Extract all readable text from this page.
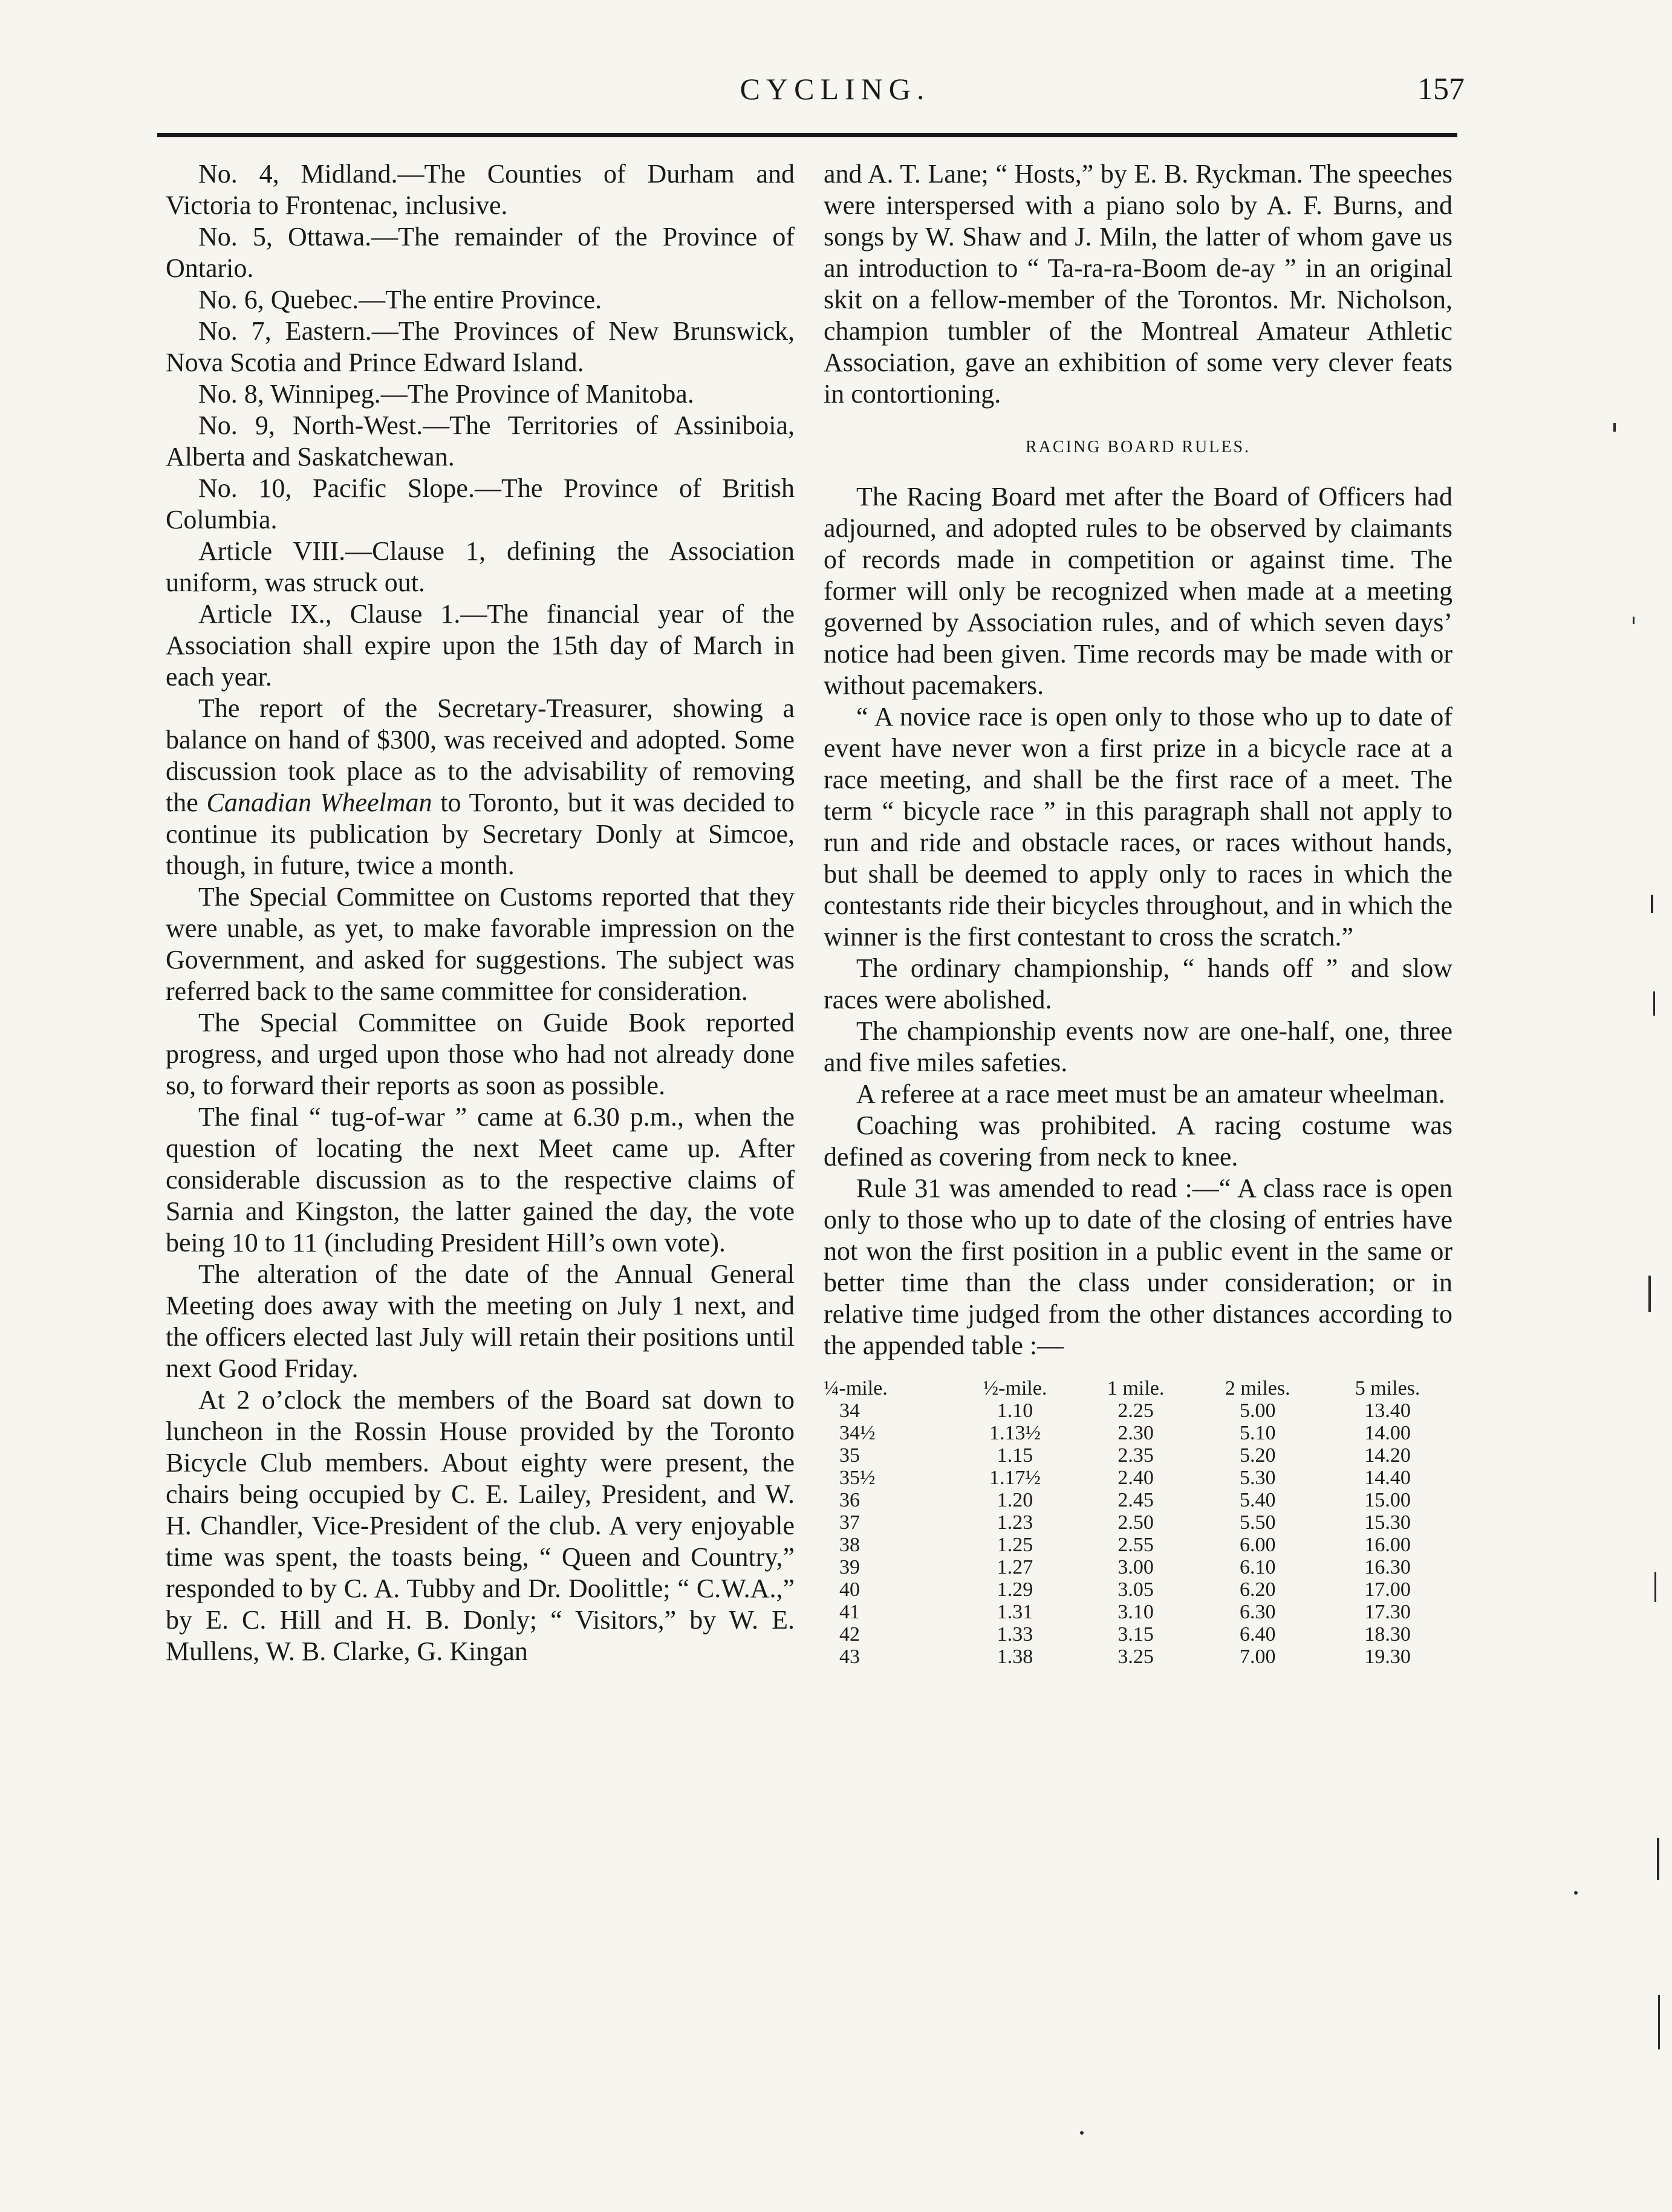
CYCLING.	157

No. 4, Midland.—The Counties of Durham and Victoria to Frontenac, inclusive.

No. 5, Ottawa.—The remainder of the Province of Ontario.

No. 6, Quebec.—The entire Province.

No. 7, Eastern.—The Provinces of New Brunswick, Nova Scotia and Prince Edward Island.

No. 8, Winnipeg.—The Province of Manitoba.

No. 9, North-West.—The Territories of Assiniboia, Alberta and Saskatchewan.

No. 10, Pacific Slope.—The Province of British Columbia.

Article VIII.—Clause 1, defining the Association uniform, was struck out.

Article IX., Clause 1.—The financial year of the Association shall expire upon the 15th day of March in each year.

The report of the Secretary-Treasurer, showing a balance on hand of $300, was received and adopted. Some discussion took place as to the advisability of removing the Canadian Wheelman to Toronto, but it was decided to continue its publication by Secretary Donly at Simcoe, though, in future, twice a month.

The Special Committee on Customs reported that they were unable, as yet, to make favorable impression on the Government, and asked for suggestions. The subject was referred back to the same committee for consideration.

The Special Committee on Guide Book reported progress, and urged upon those who had not already done so, to forward their reports as soon as possible.

The final “ tug-of-war ” came at 6.30 p.m., when the question of locating the next Meet came up. After considerable discussion as to the respective claims of Sarnia and Kingston, the latter gained the day, the vote being 10 to 11 (including President Hill’s own vote).

The alteration of the date of the Annual General Meeting does away with the meeting on July 1 next, and the officers elected last July will retain their positions until next Good Friday.

At 2 o’clock the members of the Board sat down to luncheon in the Rossin House provided by the Toronto Bicycle Club members. About eighty were present, the chairs being occupied by C. E. Lailey, President, and W. H. Chandler, Vice-President of the club. A very enjoyable time was spent, the toasts being, “ Queen and Country,” responded to by C. A. Tubby and Dr. Doolittle; “ C.W.A.,” by E. C. Hill and H. B. Donly; “ Visitors,” by W. E. Mullens, W. B. Clarke, G. Kingan

and A. T. Lane; “ Hosts,” by E. B. Ryckman. The speeches were interspersed with a piano solo by A. F. Burns, and songs by W. Shaw and J. Miln, the latter of whom gave us an introduction to “ Ta-ra-ra-Boom de-ay ” in an original skit on a fellow-member of the Torontos. Mr. Nicholson, champion tumbler of the Montreal Amateur Athletic Association, gave an exhibition of some very clever feats in contortioning.

RACING BOARD RULES.

The Racing Board met after the Board of Officers had adjourned, and adopted rules to be observed by claimants of records made in competition or against time. The former will only be recognized when made at a meeting governed by Association rules, and of which seven days’ notice had been given. Time records may be made with or without pacemakers.

“ A novice race is open only to those who up to date of event have never won a first prize in a bicycle race at a race meeting, and shall be the first race of a meet. The term “ bicycle race ” in this paragraph shall not apply to run and ride and obstacle races, or races without hands, but shall be deemed to apply only to races in which the contestants ride their bicycles throughout, and in which the winner is the first contestant to cross the scratch.”

The ordinary championship, “ hands off ” and slow races were abolished.

The championship events now are one-half, one, three and five miles safeties.

A referee at a race meet must be an amateur wheelman.

Coaching was prohibited. A racing costume was defined as covering from neck to knee.

Rule 31 was amended to read :—“ A class race is open only to those who up to date of the closing of entries have not won the first position in a public event in the same or better time than the class under consideration; or in relative time judged from the other distances according to the appended table :—

¼-mile.	½-mile.	1 mile.	2 miles.	5 miles.
34	1.10	2.25	5.00	13.40
34½	1.13½	2.30	5.10	14.00
35	1.15	2.35	5.20	14.20
35½	1.17½	2.40	5.30	14.40
36	1.20	2.45	5.40	15.00
37	1.23	2.50	5.50	15.30
38	1.25	2.55	6.00	16.00
39	1.27	3.00	6.10	16.30
40	1.29	3.05	6.20	17.00
41	1.31	3.10	6.30	17.30
42	1.33	3.15	6.40	18.30
43	1.38	3.25	7.00	19.30
